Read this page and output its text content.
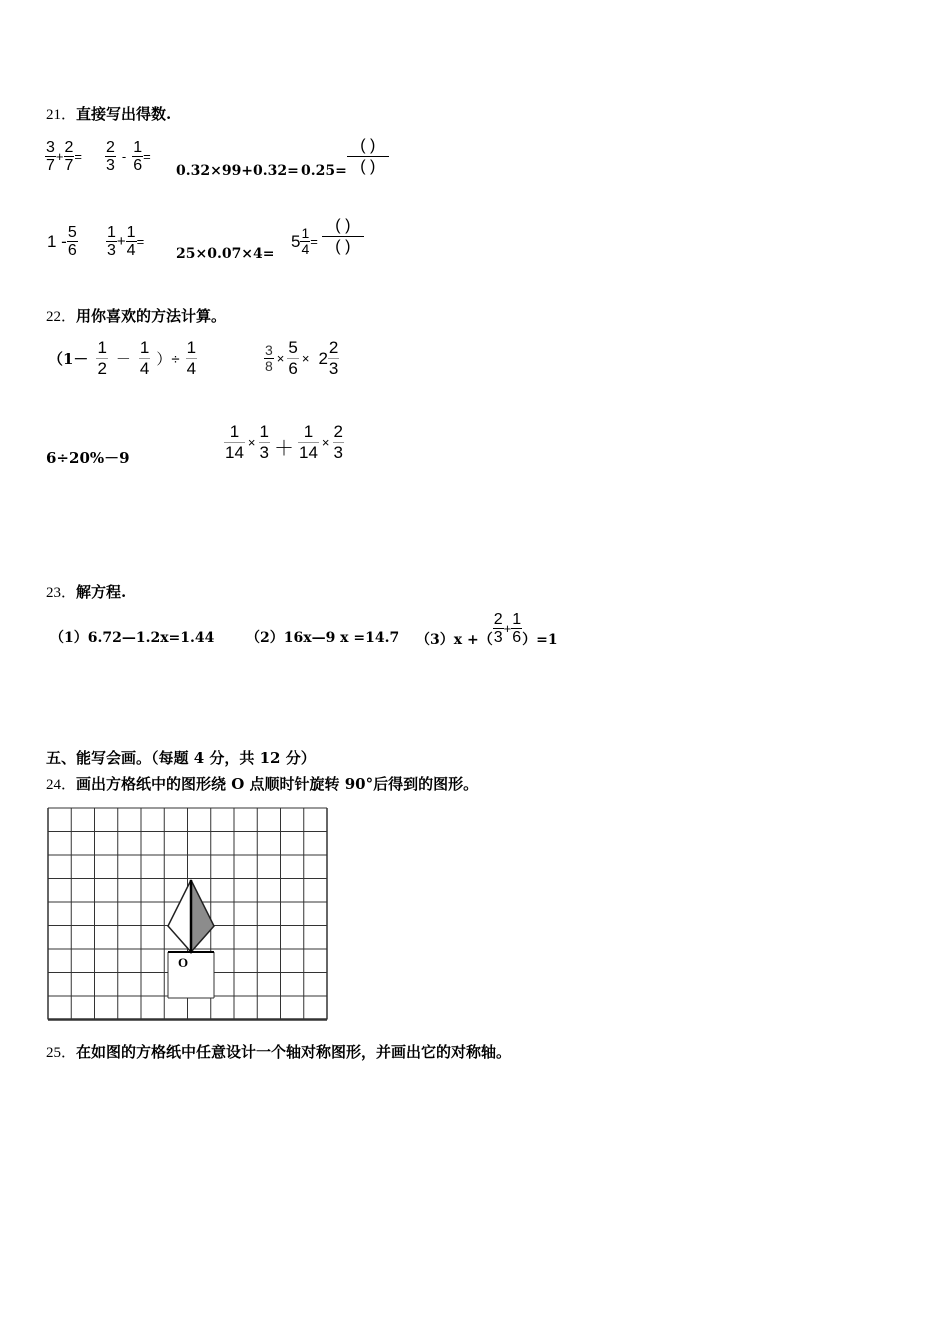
21．直接写出得数.
$\frac{3}{7} + \frac{2}{7} = \frac{2}{3} - \frac{1}{6}$ =
$0.32\times 99+0.32= 0.25= \frac{( )}{( )}$
$1 - \frac{5}{6} \frac{1}{3} + \frac{1}{4}$ =
25×0.07×4=
$5 \frac{1}{4} = \frac{( )}{( )}$
22．用你喜欢的方法计算。
（$1- \frac{1}{2} - \frac{1}{4}$ ）÷ $\frac{1}{4}$	$\frac{3}{8} \times \frac{5}{6} \times 2 \frac{2}{3}$
6÷20%－9	$\frac{1}{14} \times \frac{1}{3} + \frac{1}{14} \times \frac{2}{3}$
23．解方程.
（1）6.72—1.2x=1.44 （2）16x—9 x =14.7 （3）x +（ $\frac{2}{3} + \frac{1}{6} )=1$
五、能写会画。（每题 4 分，共 12 分）
24．画出方格纸中的图形绕 O 点顺时针旋转 90°后得到的图形。
O
25．在如图的方格纸中任意设计一个轴对称图形，并画出它的对称轴。
